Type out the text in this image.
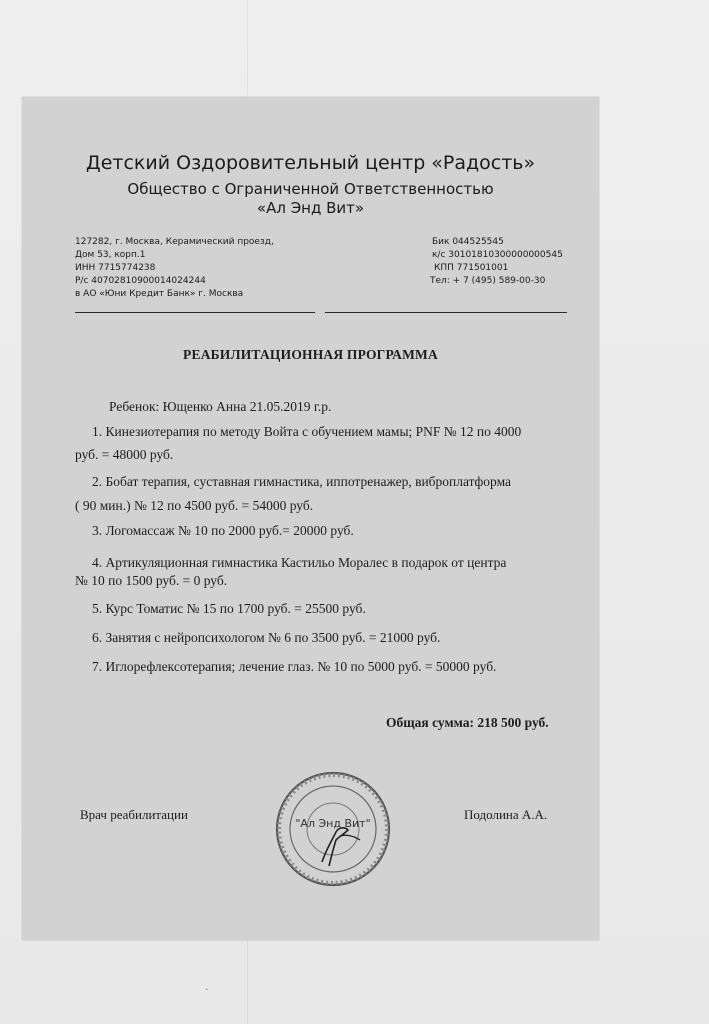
Детский Оздоровительный центр «Радость»
Общество с Ограниченной Ответственностью
«Ал Энд Вит»
127282, г. Москва, Керамический проезд,
Дом 53, корп.1
ИНН 7715774238
Р/с 40702810900014024244
в АО «Юни Кредит Банк» г. Москва
Бик 044525545
к/с 30101810300000000545
КПП 771501001
Тел: + 7 (495) 589-00-30
РЕАБИЛИТАЦИОННАЯ ПРОГРАММА
Ребенок: Ющенко Анна 21.05.2019 г.р.
1. Кинезиотерапия по методу Войта с обучением мамы; PNF № 12 по 4000
руб. = 48000 руб.
2. Бобат терапия, суставная гимнастика, иппотренажер, виброплатформа
( 90 мин.) № 12 по 4500 руб. = 54000 руб.
3. Логомассаж № 10 по 2000 руб.= 20000 руб.
4. Артикуляционная гимнастика Кастильо Моралес в подарок от центра
№ 10 по 1500 руб. = 0 руб.
5. Курс Томатис № 15 по 1700 руб. = 25500 руб.
6. Занятия с нейропсихологом № 6 по 3500 руб. = 21000 руб.
7. Иглорефлексотерапия; лечение глаз. № 10 по 5000 руб. = 50000 руб.
Общая сумма: 218 500 руб.
Врач реабилитации	Подолина А.А.
"Ал Энд Вит"
·
